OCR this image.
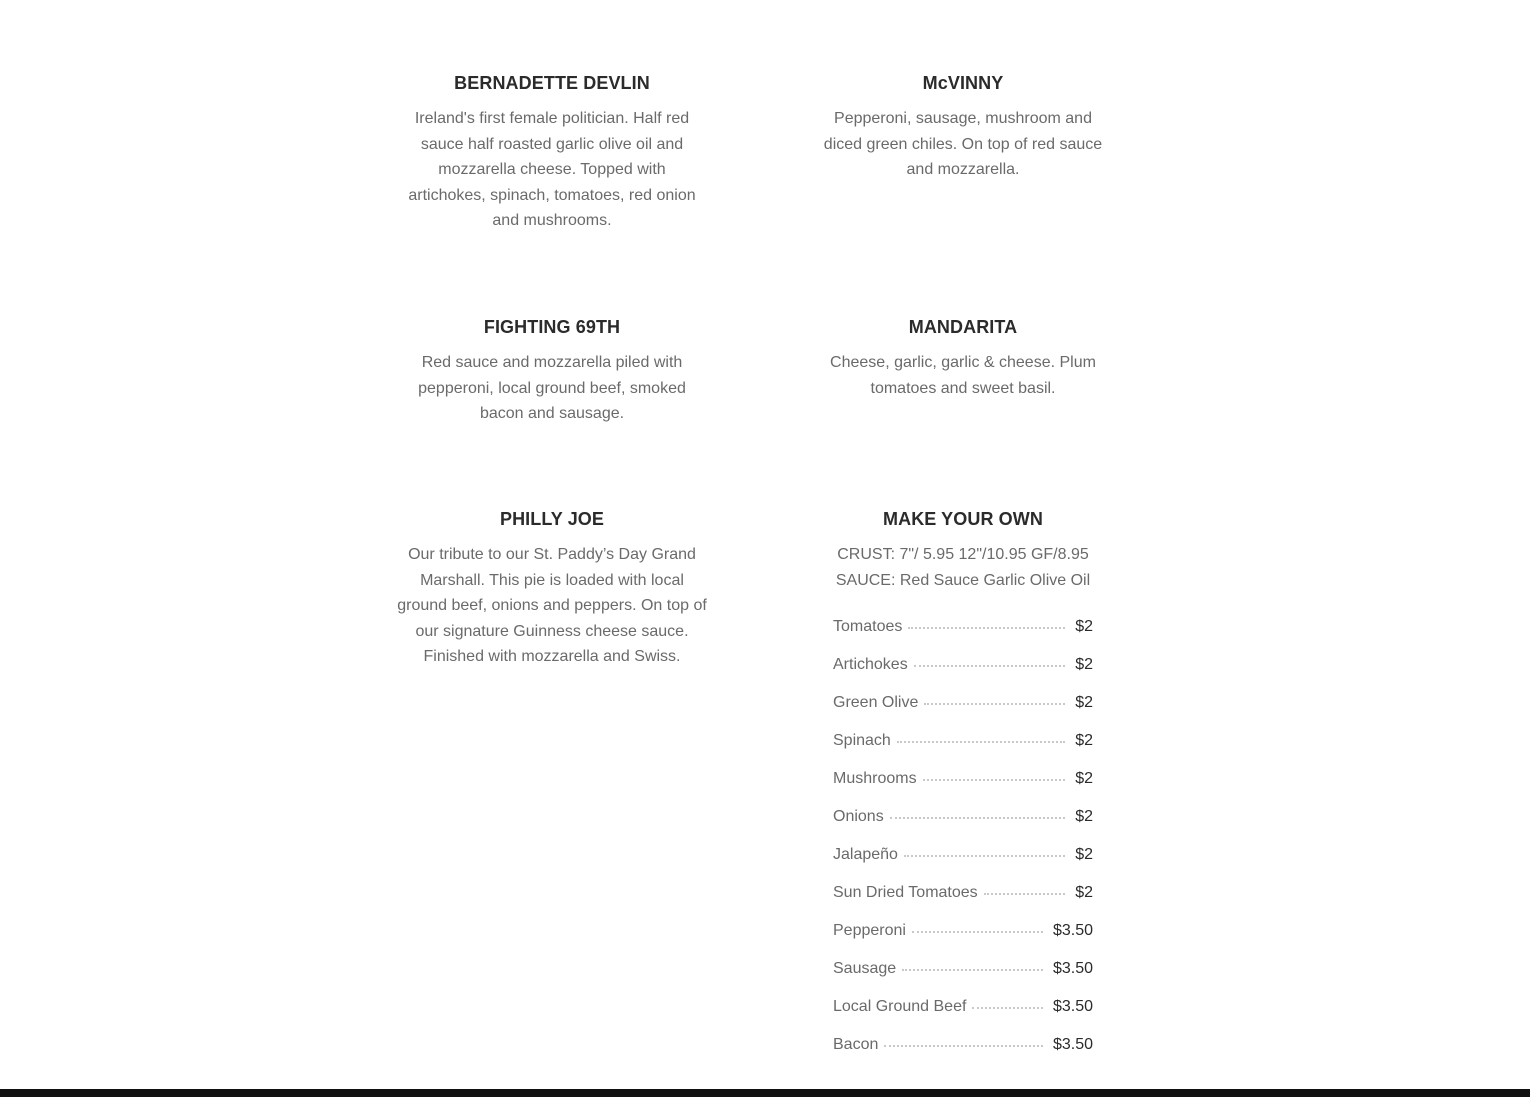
BERNADETTE DEVLIN

Ireland's first female politician. Half red sauce half roasted garlic olive oil and mozzarella cheese. Topped with artichokes, spinach, tomatoes, red onion and mushrooms.

McVINNY

Pepperoni, sausage, mushroom and diced green chiles. On top of red sauce and mozzarella.

FIGHTING 69TH

Red sauce and mozzarella piled with pepperoni, local ground beef, smoked bacon and sausage.

MANDARITA

Cheese, garlic, garlic & cheese. Plum tomatoes and sweet basil.

PHILLY JOE

Our tribute to our St. Paddy’s Day Grand Marshall. This pie is loaded with local ground beef, onions and peppers. On top of our signature Guinness cheese sauce. Finished with mozzarella and Swiss.

MAKE YOUR OWN

CRUST: 7"/ 5.95 12"/10.95 GF/8.95

SAUCE: Red Sauce Garlic Olive Oil

Tomatoes	$2
Artichokes	$2
Green Olive	$2
Spinach	$2
Mushrooms	$2
Onions	$2
Jalapeño	$2
Sun Dried Tomatoes	$2
Pepperoni	$3.50
Sausage	$3.50
Local Ground Beef	$3.50
Bacon	$3.50
